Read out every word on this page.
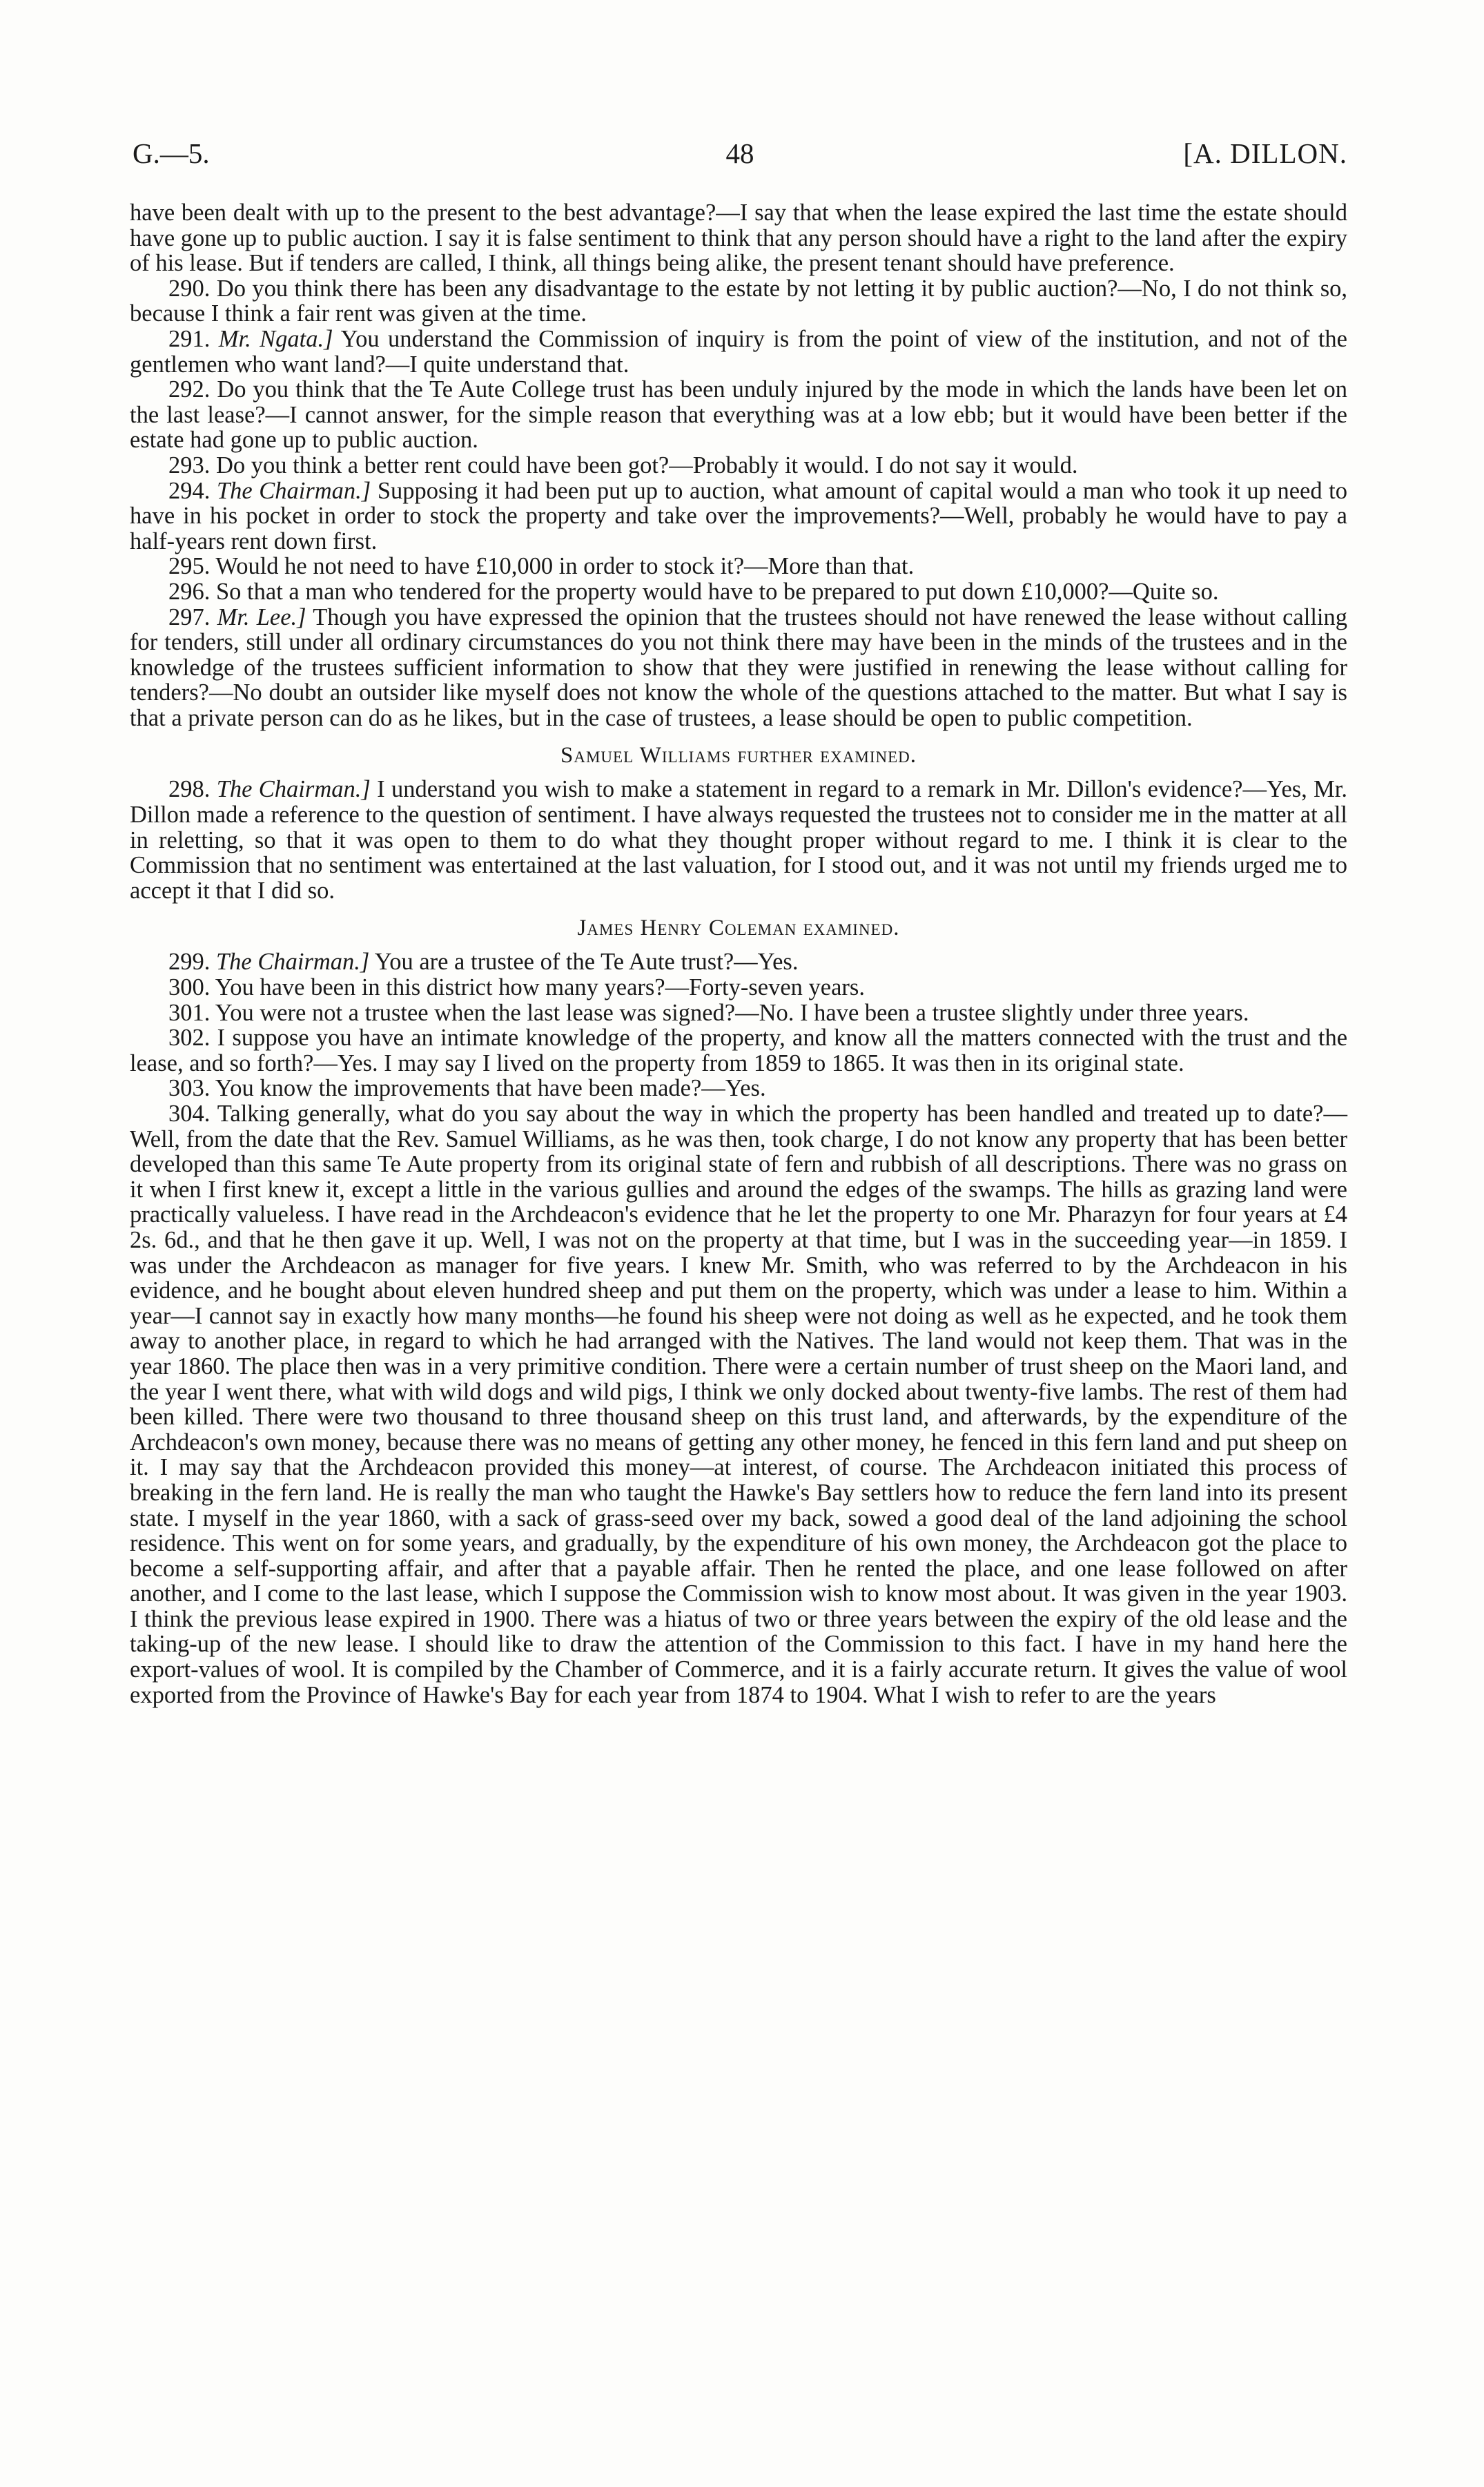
G.—5.	48	[A. DILLON.

have been dealt with up to the present to the best advantage?—I say that when the lease expired the last time the estate should have gone up to public auction. I say it is false sentiment to think that any person should have a right to the land after the expiry of his lease. But if tenders are called, I think, all things being alike, the present tenant should have preference.

290. Do you think there has been any disadvantage to the estate by not letting it by public auction?—No, I do not think so, because I think a fair rent was given at the time.

291. Mr. Ngata.] You understand the Commission of inquiry is from the point of view of the institution, and not of the gentlemen who want land?—I quite understand that.

292. Do you think that the Te Aute College trust has been unduly injured by the mode in which the lands have been let on the last lease?—I cannot answer, for the simple reason that everything was at a low ebb; but it would have been better if the estate had gone up to public auction.

293. Do you think a better rent could have been got?—Probably it would. I do not say it would.

294. The Chairman.] Supposing it had been put up to auction, what amount of capital would a man who took it up need to have in his pocket in order to stock the property and take over the improvements?—Well, probably he would have to pay a half-years rent down first.

295. Would he not need to have £10,000 in order to stock it?—More than that.

296. So that a man who tendered for the property would have to be prepared to put down £10,000?—Quite so.

297. Mr. Lee.] Though you have expressed the opinion that the trustees should not have renewed the lease without calling for tenders, still under all ordinary circumstances do you not think there may have been in the minds of the trustees and in the knowledge of the trustees sufficient information to show that they were justified in renewing the lease without calling for tenders?—No doubt an outsider like myself does not know the whole of the questions attached to the matter. But what I say is that a private person can do as he likes, but in the case of trustees, a lease should be open to public competition.

Samuel Williams further examined.

298. The Chairman.] I understand you wish to make a statement in regard to a remark in Mr. Dillon's evidence?—Yes, Mr. Dillon made a reference to the question of sentiment. I have always requested the trustees not to consider me in the matter at all in reletting, so that it was open to them to do what they thought proper without regard to me. I think it is clear to the Commission that no sentiment was entertained at the last valuation, for I stood out, and it was not until my friends urged me to accept it that I did so.

James Henry Coleman examined.

299. The Chairman.] You are a trustee of the Te Aute trust?—Yes.

300. You have been in this district how many years?—Forty-seven years.

301. You were not a trustee when the last lease was signed?—No. I have been a trustee slightly under three years.

302. I suppose you have an intimate knowledge of the property, and know all the matters connected with the trust and the lease, and so forth?—Yes. I may say I lived on the property from 1859 to 1865. It was then in its original state.

303. You know the improvements that have been made?—Yes.

304. Talking generally, what do you say about the way in which the property has been handled and treated up to date?—Well, from the date that the Rev. Samuel Williams, as he was then, took charge, I do not know any property that has been better developed than this same Te Aute property from its original state of fern and rubbish of all descriptions. There was no grass on it when I first knew it, except a little in the various gullies and around the edges of the swamps. The hills as grazing land were practically valueless. I have read in the Archdeacon's evidence that he let the property to one Mr. Pharazyn for four years at £4 2s. 6d., and that he then gave it up. Well, I was not on the property at that time, but I was in the succeeding year—in 1859. I was under the Archdeacon as manager for five years. I knew Mr. Smith, who was referred to by the Archdeacon in his evidence, and he bought about eleven hundred sheep and put them on the property, which was under a lease to him. Within a year—I cannot say in exactly how many months—he found his sheep were not doing as well as he expected, and he took them away to another place, in regard to which he had arranged with the Natives. The land would not keep them. That was in the year 1860. The place then was in a very primitive condition. There were a certain number of trust sheep on the Maori land, and the year I went there, what with wild dogs and wild pigs, I think we only docked about twenty-five lambs. The rest of them had been killed. There were two thousand to three thousand sheep on this trust land, and afterwards, by the expenditure of the Archdeacon's own money, because there was no means of getting any other money, he fenced in this fern land and put sheep on it. I may say that the Archdeacon provided this money—at interest, of course. The Archdeacon initiated this process of breaking in the fern land. He is really the man who taught the Hawke's Bay settlers how to reduce the fern land into its present state. I myself in the year 1860, with a sack of grass-seed over my back, sowed a good deal of the land adjoining the school residence. This went on for some years, and gradually, by the expenditure of his own money, the Archdeacon got the place to become a self-supporting affair, and after that a payable affair. Then he rented the place, and one lease followed on after another, and I come to the last lease, which I suppose the Commission wish to know most about. It was given in the year 1903. I think the previous lease expired in 1900. There was a hiatus of two or three years between the expiry of the old lease and the taking-up of the new lease. I should like to draw the attention of the Commission to this fact. I have in my hand here the export-values of wool. It is compiled by the Chamber of Commerce, and it is a fairly accurate return. It gives the value of wool exported from the Province of Hawke's Bay for each year from 1874 to 1904. What I wish to refer to are the years
